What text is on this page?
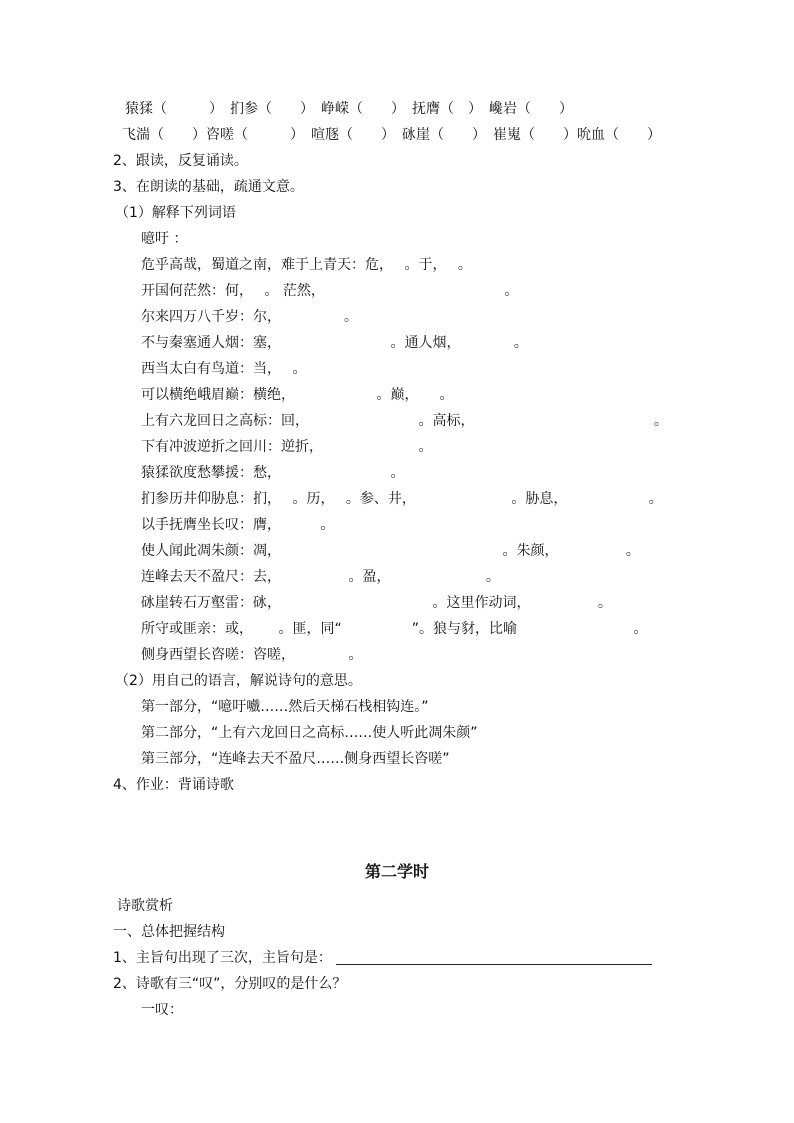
猿猱（　　　）　扪参（　　）　峥嵘（　　）　抚膺（　）　巉岩（　　）
飞湍（　　）咨嗟（　　　）　喧豗（　　）　砯崖（　　）　崔嵬（　　）吮血（　　）
2、跟读，反复诵读。
3、在朗读的基础，疏通文意。
（1）解释下列词语
噫吁 ：
危乎高哉，蜀道之南，难于上青天：危，　 。于，　 。
开国何茫然：何，　 。 茫然，　　　　　　　　　　　　　 。
尔来四万八千岁：尔，　　　　　。
不与秦塞通人烟：塞，　　　　　　　　 。通人烟，　　　　 。
西当太白有鸟道：当，　 。
可以横绝峨眉巅：横绝，　　　　　　 。巅，　　。
上有六龙回日之高标：回，　　　　　　　　 。高标，　　　　　　　　　　　　　 。
下有冲波逆折之回川：逆折，　　　　　　　 。
猿猱欲度愁攀援：愁，　　　　　　　　 。
扪参历井仰胁息：扪，　 。历，　 。参、井，　　　　　　　 。胁息，　　　　　　 。
以手抚膺坐长叹：膺，　　　 。
使人闻此凋朱颜：凋，　　　　　　　　　　　　　　　　 。朱颜，　　　　　 。
连峰去天不盈尺：去，　　　　　 。盈，　　　　　　　 。
砯崖转石万壑雷：砯，　　　　　　　　　　　 。这里作动词，　　　　　 。
所守或匪亲：或，　　 。匪，同“　　　　　”。狼与豺，比喻　　　　　　　　 。
侧身西望长咨嗟：咨嗟，　　　　 。
（2）用自己的语言，解说诗句的意思。
第一部分，“噫吁嚱……然后天梯石栈相钩连。”
第二部分，“上有六龙回日之高标……使人听此凋朱颜”
第三部分，“连峰去天不盈尺……侧身西望长咨嗟”
4、作业：背诵诗歌
诗歌赏析
一、总体把握结构
1、主旨句出现了三次，主旨句是：
2、诗歌有三“叹”，分别叹的是什么？
一叹：
第二学时
